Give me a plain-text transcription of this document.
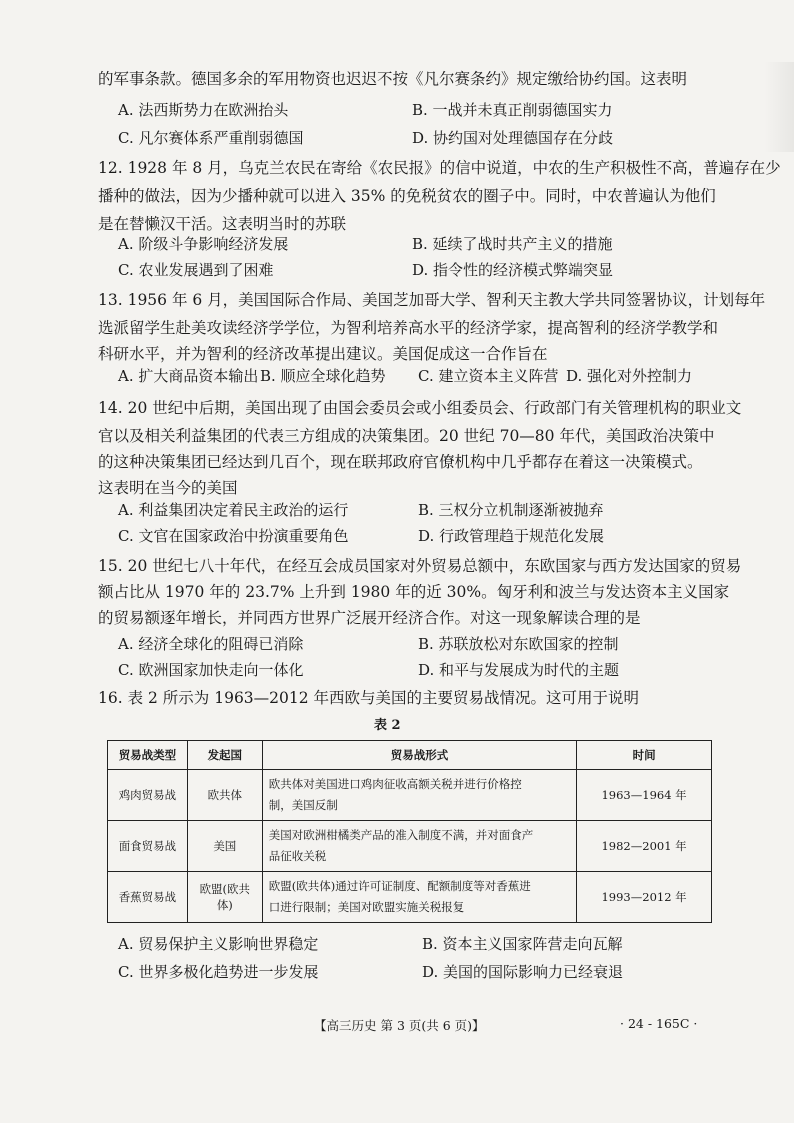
的军事条款。德国多余的军用物资也迟迟不按《凡尔赛条约》规定缴给协约国。这表明
A. 法西斯势力在欧洲抬头	B. 一战并未真正削弱德国实力
C. 凡尔赛体系严重削弱德国	D. 协约国对处理德国存在分歧
12. 1928 年 8 月，乌克兰农民在寄给《农民报》的信中说道，中农的生产积极性不高，普遍存在少
播种的做法，因为少播种就可以进入 35% 的免税贫农的圈子中。同时，中农普遍认为他们
是在替懒汉干活。这表明当时的苏联
A. 阶级斗争影响经济发展	B. 延续了战时共产主义的措施
C. 农业发展遇到了困难	D. 指令性的经济模式弊端突显
13. 1956 年 6 月，美国国际合作局、美国芝加哥大学、智利天主教大学共同签署协议，计划每年
选派留学生赴美攻读经济学学位，为智利培养高水平的经济学家，提高智利的经济学教学和
科研水平，并为智利的经济改革提出建议。美国促成这一合作旨在
A. 扩大商品资本输出 B. 顺应全球化趋势 C. 建立资本主义阵营 D. 强化对外控制力
14. 20 世纪中后期，美国出现了由国会委员会或小组委员会、行政部门有关管理机构的职业文
官以及相关利益集团的代表三方组成的决策集团。20 世纪 70—80 年代，美国政治决策中
的这种决策集团已经达到几百个，现在联邦政府官僚机构中几乎都存在着这一决策模式。
这表明在当今的美国
A. 利益集团决定着民主政治的运行	B. 三权分立机制逐渐被抛弃
C. 文官在国家政治中扮演重要角色	D. 行政管理趋于规范化发展
15. 20 世纪七八十年代，在经互会成员国家对外贸易总额中，东欧国家与西方发达国家的贸易
额占比从 1970 年的 23.7% 上升到 1980 年的近 30%。匈牙利和波兰与发达资本主义国家
的贸易额逐年增长，并同西方世界广泛展开经济合作。对这一现象解读合理的是
A. 经济全球化的阻碍已消除	B. 苏联放松对东欧国家的控制
C. 欧洲国家加快走向一体化	D. 和平与发展成为时代的主题
16. 表 2 所示为 1963—2012 年西欧与美国的主要贸易战情况。这可用于说明
表 2
贸易战类型	发起国	贸易战形式	时间
鸡肉贸易战	欧共体	欧共体对美国进口鸡肉征收高额关税并进行价格控
制，美国反制	1963—1964 年
面食贸易战	美国	美国对欧洲柑橘类产品的准入制度不满，并对面食产
品征收关税	1982—2001 年
香蕉贸易战	欧盟(欧共体)	欧盟(欧共体)通过许可证制度、配额制度等对香蕉进
口进行限制；美国对欧盟实施关税报复	1993—2012 年
A. 贸易保护主义影响世界稳定	B. 资本主义国家阵营走向瓦解
C. 世界多极化趋势进一步发展	D. 美国的国际影响力已经衰退
【高三历史 第 3 页(共 6 页)】	· 24 - 165C ·
